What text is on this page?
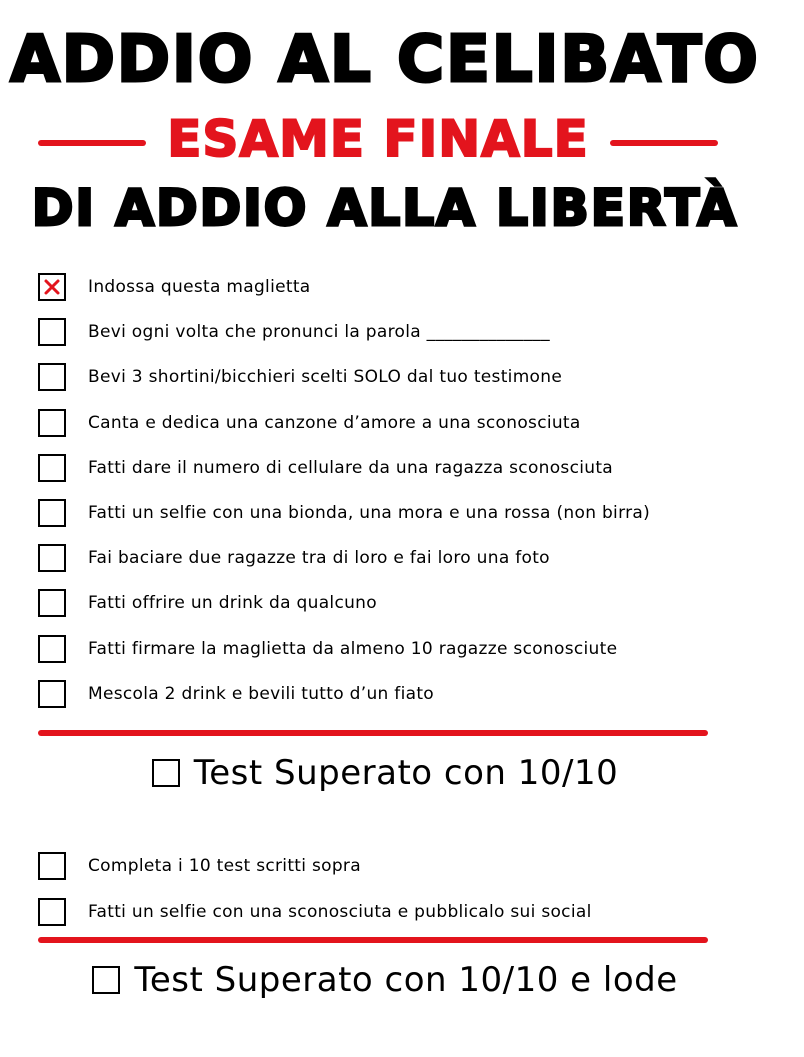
ADDIO AL CELIBATO
ESAME FINALE
DI ADDIO ALLA LIBERTÀ
Indossa questa maglietta
Bevi ogni volta che pronunci la parola ______________
Bevi 3 shortini/bicchieri scelti SOLO dal tuo testimone
Canta e dedica una canzone d’amore a una sconosciuta
Fatti dare il numero di cellulare da una ragazza sconosciuta
Fatti un selfie con una bionda, una mora e una rossa (non birra)
Fai baciare due ragazze tra di loro e fai loro una foto
Fatti offrire un drink da qualcuno
Fatti firmare la maglietta da almeno 10 ragazze sconosciute
Mescola 2 drink e bevili tutto d’un fiato
Test Superato con 10/10
Completa i 10 test scritti sopra
Fatti un selfie con una sconosciuta e pubblicalo sui social
Test Superato con 10/10 e lode
